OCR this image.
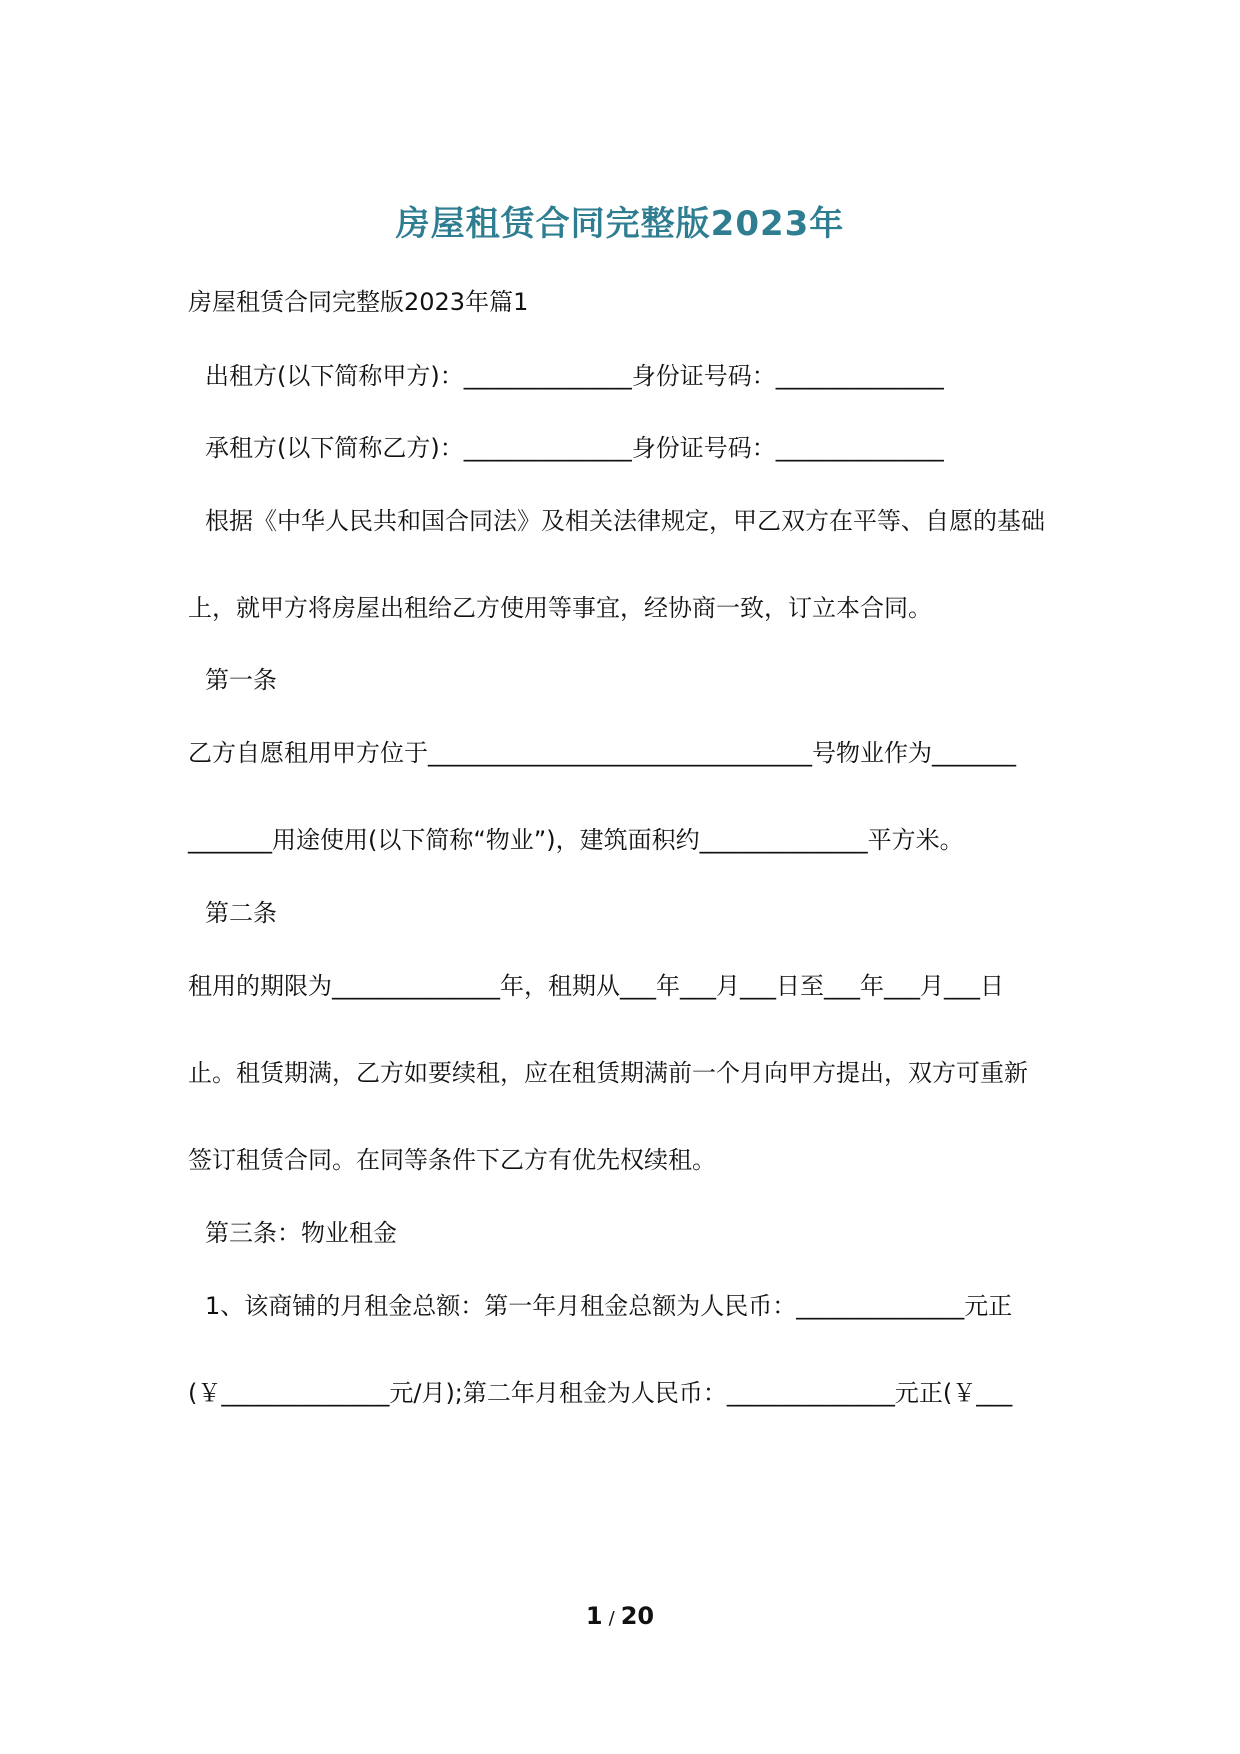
房屋租赁合同完整版2023年
房屋租赁合同完整版2023年篇1
出租方(以下简称甲方)：______________身份证号码：______________
承租方(以下简称乙方)：______________身份证号码：______________
根据《中华人民共和国合同法》及相关法律规定，甲乙双方在平等、自愿的基础
上，就甲方将房屋出租给乙方使用等事宜，经协商一致，订立本合同。
第一条
乙方自愿租用甲方位于________________________________号物业作为_______
_______用途使用(以下简称“物业”)，建筑面积约______________平方米。
第二条
租用的期限为______________年，租期从___年___月___日至___年___月___日
止。租赁期满，乙方如要续租，应在租赁期满前一个月向甲方提出，双方可重新
签订租赁合同。在同等条件下乙方有优先权续租。
第三条：物业租金
1、该商铺的月租金总额：第一年月租金总额为人民币：______________元正
(￥______________元/月);第二年月租金为人民币：______________元正(￥___
1 / 20
